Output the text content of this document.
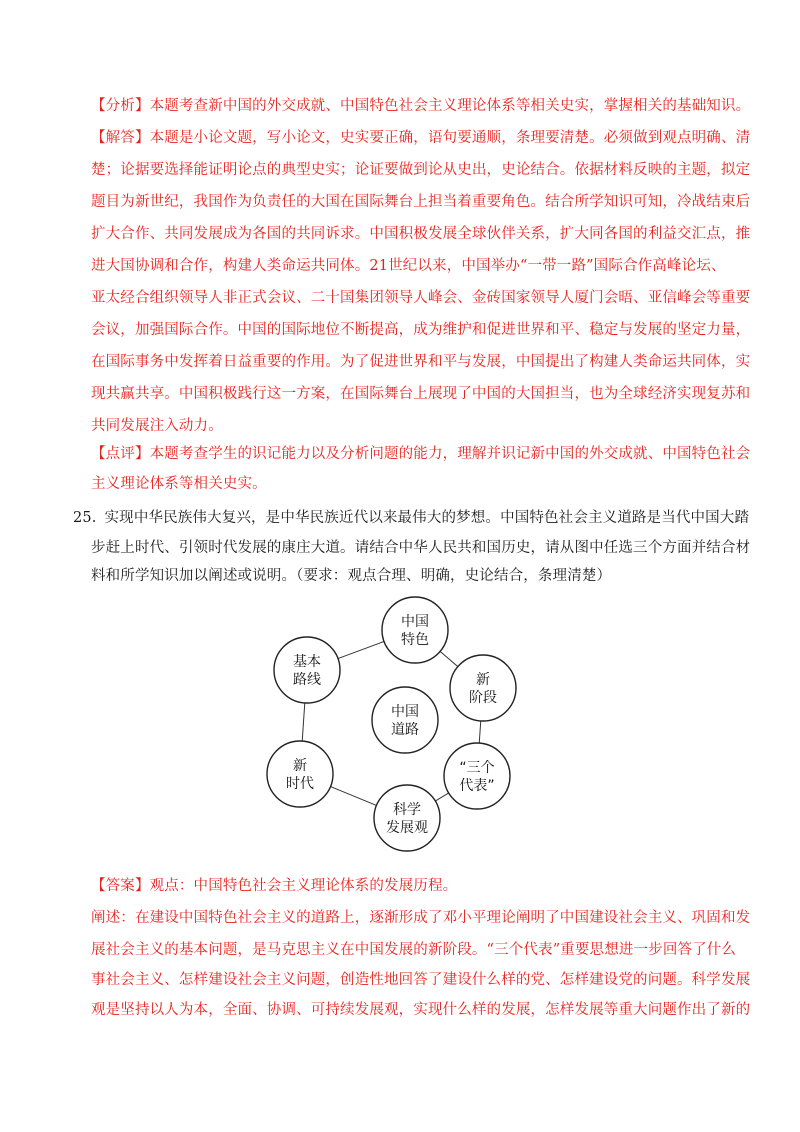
【分析】本题考查新中国的外交成就、中国特色社会主义理论体系等相关史实，掌握相关的基础知识。
【解答】本题是小论文题，写小论文，史实要正确，语句要通顺，条理要清楚。必须做到观点明确、清
楚；论据要选择能证明论点的典型史实；论证要做到论从史出，史论结合。依据材料反映的主题，拟定
题目为新世纪，我国作为负责任的大国在国际舞台上担当着重要角色。结合所学知识可知，冷战结束后
扩大合作、共同发展成为各国的共同诉求。中国积极发展全球伙伴关系，扩大同各国的利益交汇点，推
进大国协调和合作，构建人类命运共同体。21世纪以来，中国举办“一带一路”国际合作高峰论坛、
亚太经合组织领导人非正式会议、二十国集团领导人峰会、金砖国家领导人厦门会晤、亚信峰会等重要
会议，加强国际合作。中国的国际地位不断提高，成为维护和促进世界和平、稳定与发展的坚定力量，
在国际事务中发挥着日益重要的作用。为了促进世界和平与发展，中国提出了构建人类命运共同体，实
现共赢共享。中国积极践行这一方案，在国际舞台上展现了中国的大国担当，也为全球经济实现复苏和
共同发展注入动力。
【点评】本题考查学生的识记能力以及分析问题的能力，理解并识记新中国的外交成就、中国特色社会
主义理论体系等相关史实。
25. 实现中华民族伟大复兴，是中华民族近代以来最伟大的梦想。中国特色社会主义道路是当代中国大踏
步赶上时代、引领时代发展的康庄大道。请结合中华人民共和国历史，请从图中任选三个方面并结合材
料和所学知识加以阐述或说明。（要求：观点合理、明确，史论结合，条理清楚）
中国
特色
新
阶段
“三个
代表”
科学
发展观
新
时代
基本
路线
中国
道路
【答案】观点：中国特色社会主义理论体系的发展历程。
阐述：在建设中国特色社会主义的道路上，逐渐形成了邓小平理论阐明了中国建设社会主义、巩固和发
展社会主义的基本问题，是马克思主义在中国发展的新阶段。“三个代表”重要思想进一步回答了什么
事社会主义、怎样建设社会主义问题，创造性地回答了建设什么样的党、怎样建设党的问题。科学发展
观是坚持以人为本，全面、协调、可持续发展观，实现什么样的发展，怎样发展等重大问题作出了新的
